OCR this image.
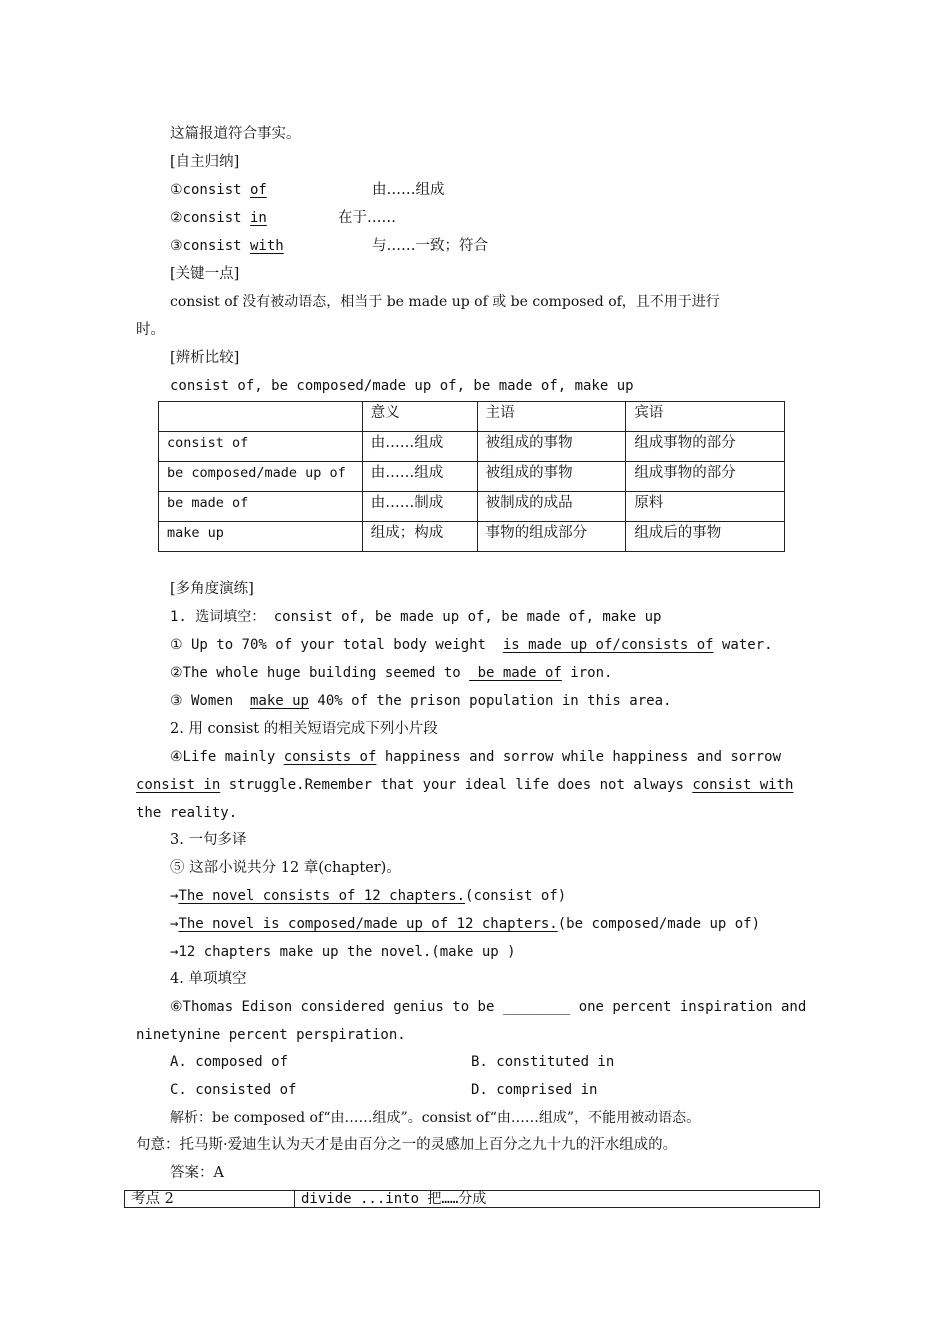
这篇报道符合事实。
[自主归纳]
①consist of	由……组成
②consist in	在于……
③consist with	与……一致；符合
[关键一点]
consist of 没有被动语态，相当于 be made up of 或 be composed of，且不用于进行
时。
[辨析比较]
consist of, be composed/made up of, be made of, make up
	意义	主语	宾语
consist of	由……组成	被组成的事物	组成事物的部分
be composed/made up of	由……组成	被组成的事物	组成事物的部分
be made of	由……制成	被制成的成品	原料
make up	组成；构成	事物的组成部分	组成后的事物
[多角度演练]
1. 选词填空： consist of, be made up of, be made of, make up
① Up to 70% of your total body weight  is made up of/consists of water.
②The whole huge building seemed to  be made of iron.
③ Women  make up 40% of the prison population in this area.
2. 用 consist 的相关短语完成下列小片段
④Life mainly consists of happiness and sorrow while happiness and sorrow
consist in struggle.Remember that your ideal life does not always consist with
the reality.
3. 一句多译
⑤ 这部小说共分 12 章(chapter)。
→The novel consists of 12 chapters.(consist of)
→The novel is composed/made up of 12 chapters.(be composed/made up of)
→12 chapters make up the novel.(make up )
4. 单项填空
⑥Thomas Edison considered genius to be ________ one percent inspiration and
ninetynine percent perspiration.
A. composed of	B. constituted in
C. consisted of	D. comprised in
解析：be composed of“由……组成”。consist of“由……组成”，不能用被动语态。
句意：托马斯·爱迪生认为天才是由百分之一的灵感加上百分之九十九的汗水组成的。
答案：A
考点 2	divide ...into 把……分成
